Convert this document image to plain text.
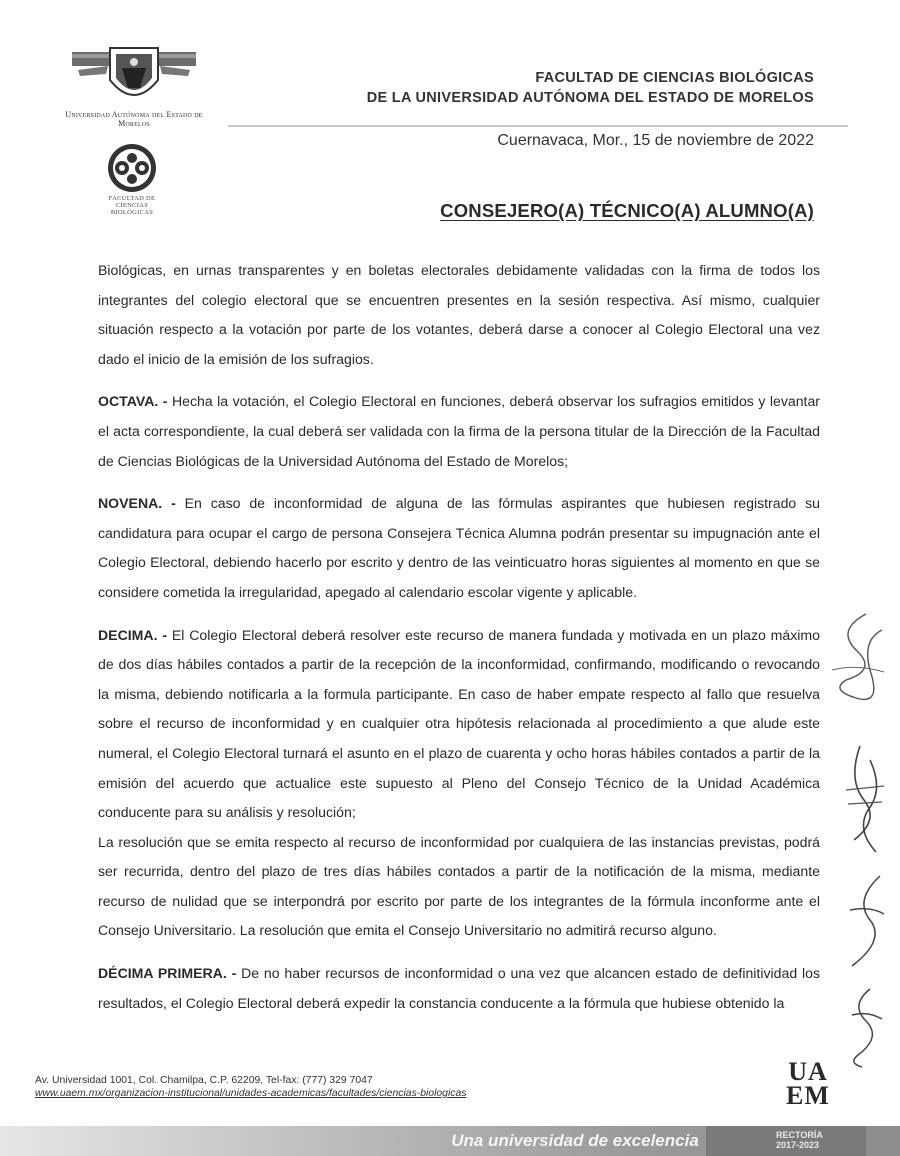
Universidad Autónoma del Estado de Morelos
FACULTAD DE CIENCIAS BIOLÓGICAS
FACULTAD DE CIENCIAS BIOLÓGICAS
DE LA UNIVERSIDAD AUTÓNOMA DEL ESTADO DE MORELOS
Cuernavaca, Mor., 15 de noviembre de 2022
CONSEJERO(A) TÉCNICO(A) ALUMNO(A)

Biológicas, en urnas transparentes y en boletas electorales debidamente validadas con la firma de todos los integrantes del colegio electoral que se encuentren presentes en la sesión respectiva. Así mismo, cualquier situación respecto a la votación por parte de los votantes, deberá darse a conocer al Colegio Electoral una vez dado el inicio de la emisión de los sufragios.

OCTAVA. - Hecha la votación, el Colegio Electoral en funciones, deberá observar los sufragios emitidos y levantar el acta correspondiente, la cual deberá ser validada con la firma de la persona titular de la Dirección de la Facultad de Ciencias Biológicas de la Universidad Autónoma del Estado de Morelos;

NOVENA. - En caso de inconformidad de alguna de las fórmulas aspirantes que hubiesen registrado su candidatura para ocupar el cargo de persona Consejera Técnica Alumna podrán presentar su impugnación ante el Colegio Electoral, debiendo hacerlo por escrito y dentro de las veinticuatro horas siguientes al momento en que se considere cometida la irregularidad, apegado al calendario escolar vigente y aplicable.

DECIMA. - El Colegio Electoral deberá resolver este recurso de manera fundada y motivada en un plazo máximo de dos días hábiles contados a partir de la recepción de la inconformidad, confirmando, modificando o revocando la misma, debiendo notificarla a la formula participante. En caso de haber empate respecto al fallo que resuelva sobre el recurso de inconformidad y en cualquier otra hipótesis relacionada al procedimiento a que alude este numeral, el Colegio Electoral turnará el asunto en el plazo de cuarenta y ocho horas hábiles contados a partir de la emisión del acuerdo que actualice este supuesto al Pleno del Consejo Técnico de la Unidad Académica conducente para su análisis y resolución;

La resolución que se emita respecto al recurso de inconformidad por cualquiera de las instancias previstas, podrá ser recurrida, dentro del plazo de tres días hábiles contados a partir de la notificación de la misma, mediante recurso de nulidad que se interpondrá por escrito por parte de los integrantes de la fórmula inconforme ante el Consejo Universitario. La resolución que emita el Consejo Universitario no admitirá recurso alguno.

DÉCIMA PRIMERA. - De no haber recursos de inconformidad o una vez que alcancen estado de definitividad los resultados, el Colegio Electoral deberá expedir la constancia conducente a la fórmula que hubiese obtenido la

Av. Universidad 1001, Col. Chamilpa, C.P. 62209, Tel-fax: (777) 329 7047
www.uaem.mx/organizacion-institucional/unidades-academicas/facultades/ciencias-biologicas
UA
EM
Una universidad de excelencia	RECTORÍA
2017-2023
